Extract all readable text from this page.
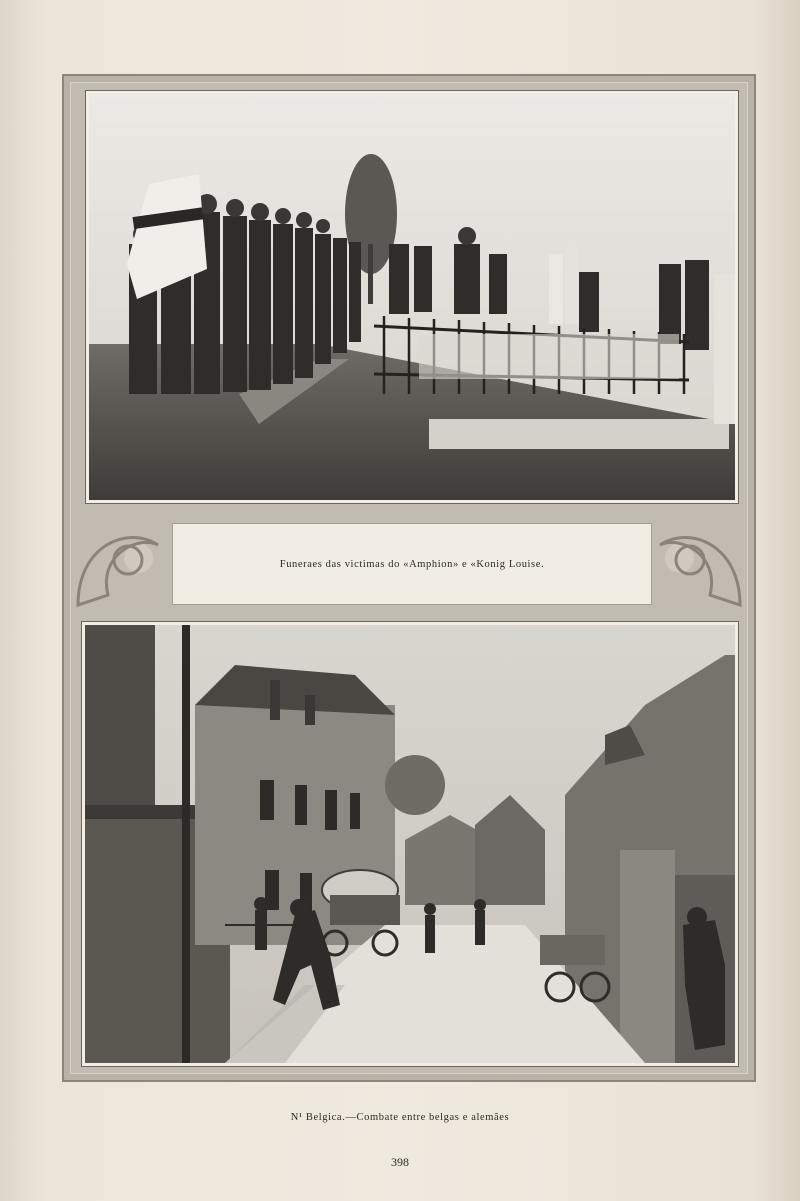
Funeraes das victimas do «Amphion» e «Konig Louise.
N¹ Belgica.—Combate entre belgas e alemães
398
